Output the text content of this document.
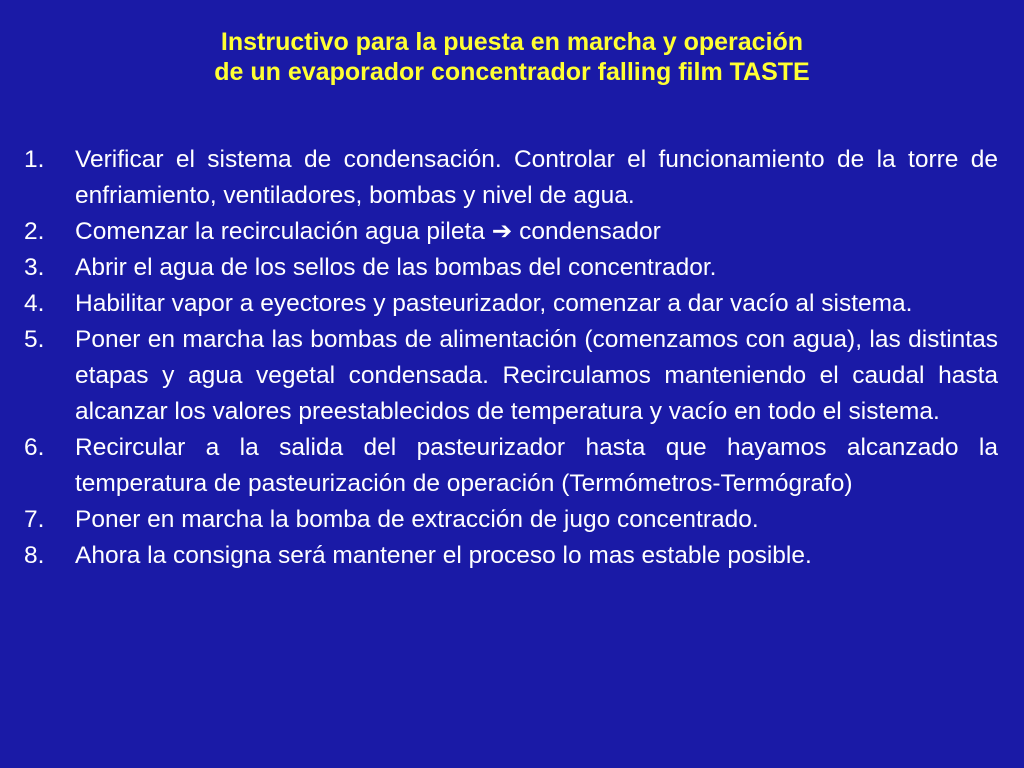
Instructivo para la puesta en marcha y operación
de un evaporador concentrador falling film TASTE
1. Verificar el sistema de condensación. Controlar el funcionamiento de la torre de enfriamiento, ventiladores, bombas y nivel de agua.
2. Comenzar la recirculación agua pileta ➔ condensador
3. Abrir el agua de los sellos de las bombas del concentrador.
4. Habilitar vapor a eyectores y pasteurizador, comenzar a dar vacío al sistema.
5. Poner en marcha las bombas de alimentación (comenzamos con agua), las distintas etapas y agua vegetal condensada. Recirculamos manteniendo el caudal hasta alcanzar los valores preestablecidos de temperatura y vacío en todo el sistema.
6. Recircular a la salida del pasteurizador hasta que hayamos alcanzado la temperatura de pasteurización de operación (Termómetros-Termógrafo)
7. Poner en marcha la bomba de extracción de jugo concentrado.
8. Ahora la consigna será mantener el proceso lo mas estable posible.
